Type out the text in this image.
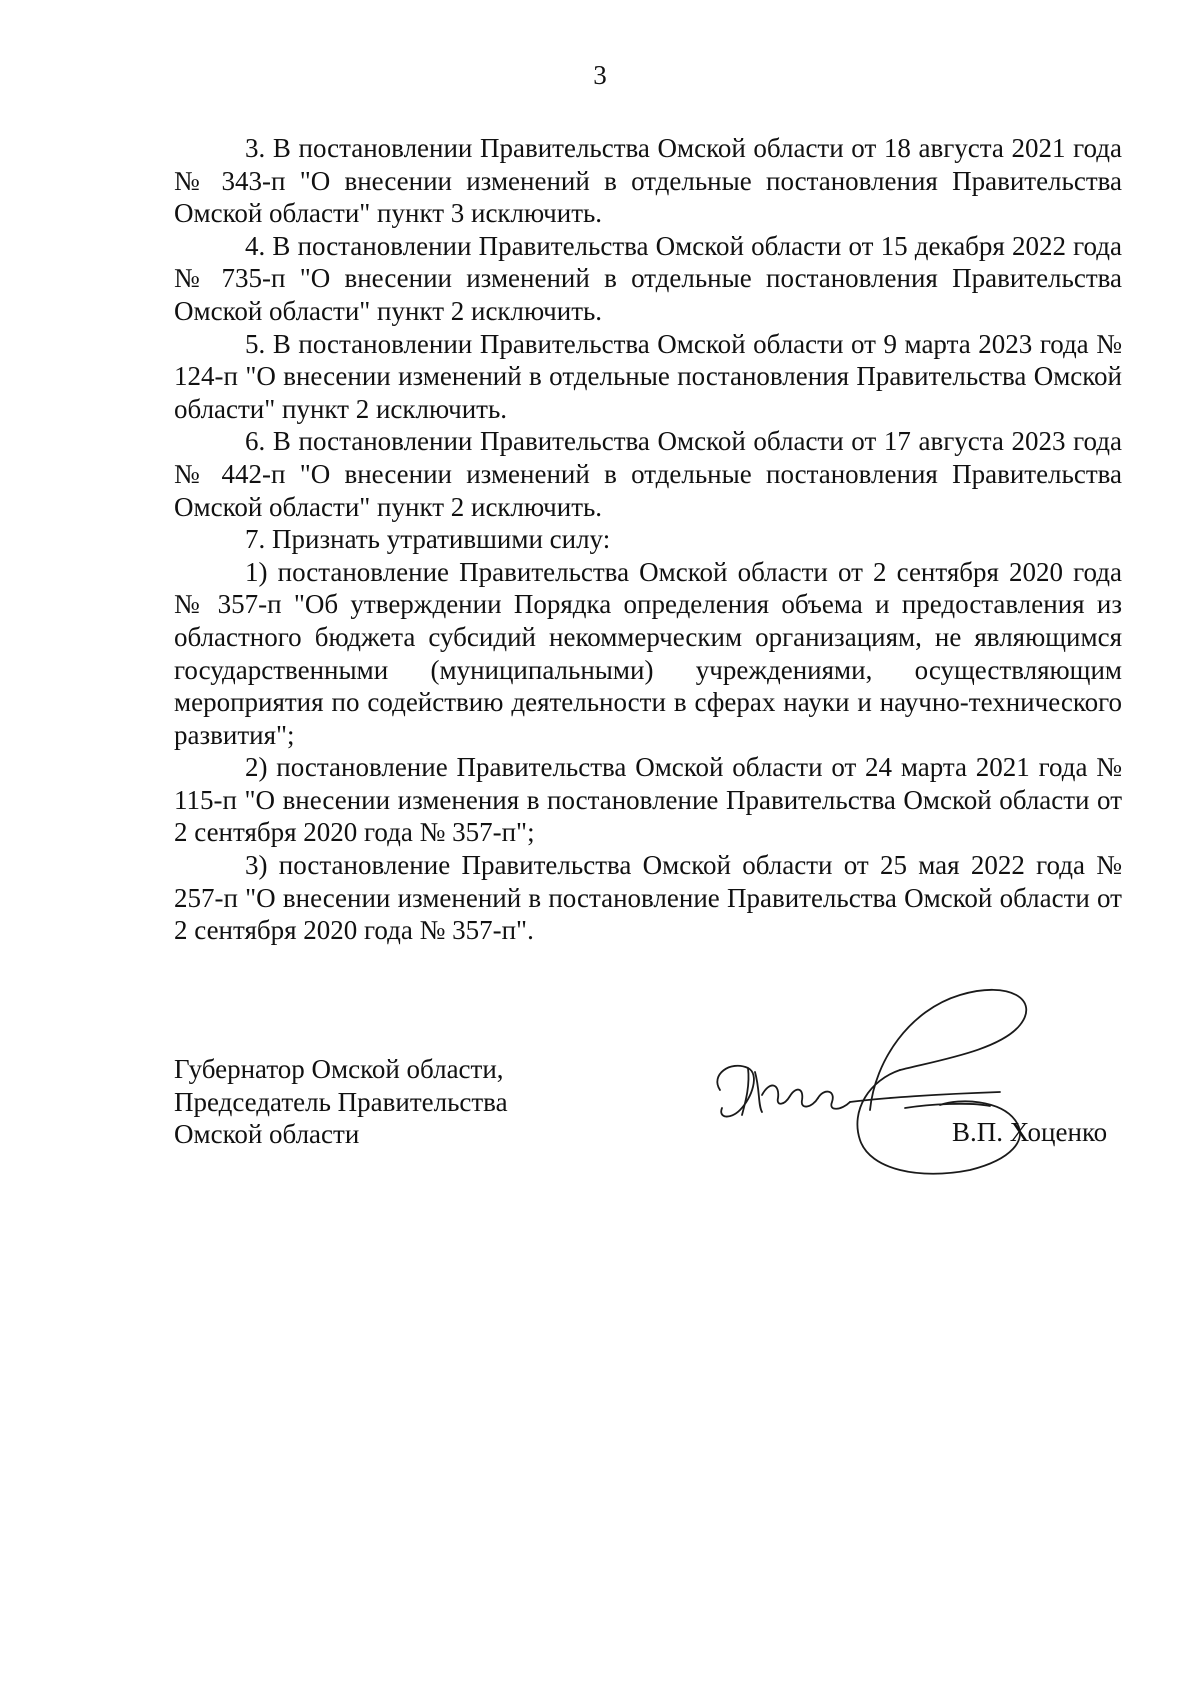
3

3. В постановлении Правительства Омской области от 18 августа 2021 года № 343-п "О внесении изменений в отдельные постановления Правительства Омской области" пункт 3 исключить.

4. В постановлении Правительства Омской области от 15 декабря 2022 года № 735-п "О внесении изменений в отдельные постановления Правительства Омской области" пункт 2 исключить.

5. В постановлении Правительства Омской области от 9 марта 2023 года № 124-п "О внесении изменений в отдельные постановления Правительства Омской области" пункт 2 исключить.

6. В постановлении Правительства Омской области от 17 августа 2023 года № 442-п "О внесении изменений в отдельные постановления Правительства Омской области" пункт 2 исключить.

7. Признать утратившими силу:

1) постановление Правительства Омской области от 2 сентября 2020 года № 357-п "Об утверждении Порядка определения объема и предоставления из областного бюджета субсидий некоммерческим организациям, не являющимся государственными (муниципальными) учреждениями, осуществляющим мероприятия по содействию деятельности в сферах науки и научно-технического развития";

2) постановление Правительства Омской области от 24 марта 2021 года № 115-п "О внесении изменения в постановление Правительства Омской области от 2 сентября 2020 года № 357-п";

3) постановление Правительства Омской области от 25 мая 2022 года № 257-п "О внесении изменений в постановление Правительства Омской области от 2 сентября 2020 года № 357-п".

Губернатор Омской области,
Председатель Правительства
Омской области	В.П. Хоценко
